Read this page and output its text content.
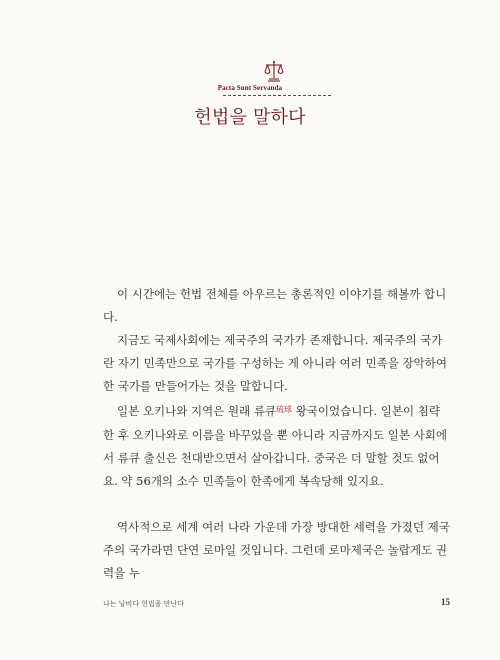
Pacta Sunt Servanda
헌법을 말하다

이 시간에는 헌법 전체를 아우르는 총론적인 이야기를 해볼까 합니다.

지금도 국제사회에는 제국주의 국가가 존재합니다. 제국주의 국가란 자기 민족만으로 국가를 구성하는 게 아니라 여러 민족을 장악하여 한 국가를 만들어가는 것을 말합니다.

일본 오키나와 지역은 원래 류큐$^{琉球}$ 왕국이었습니다. 일본이 침략한 후 오키나와로 이름을 바꾸었을 뿐 아니라 지금까지도 일본 사회에서 류큐 출신은 천대받으면서 살아갑니다. 중국은 더 말할 것도 없어요. 약 56개의 소수 민족들이 한족에게 복속당해 있지요.

역사적으로 세계 여러 나라 가운데 가장 방대한 세력을 가졌던 제국주의 국가라면 단연 로마일 것입니다. 그런데 로마제국은 놀랍게도 권력을 누

나는 낭비다 헌법을 만난다	15
